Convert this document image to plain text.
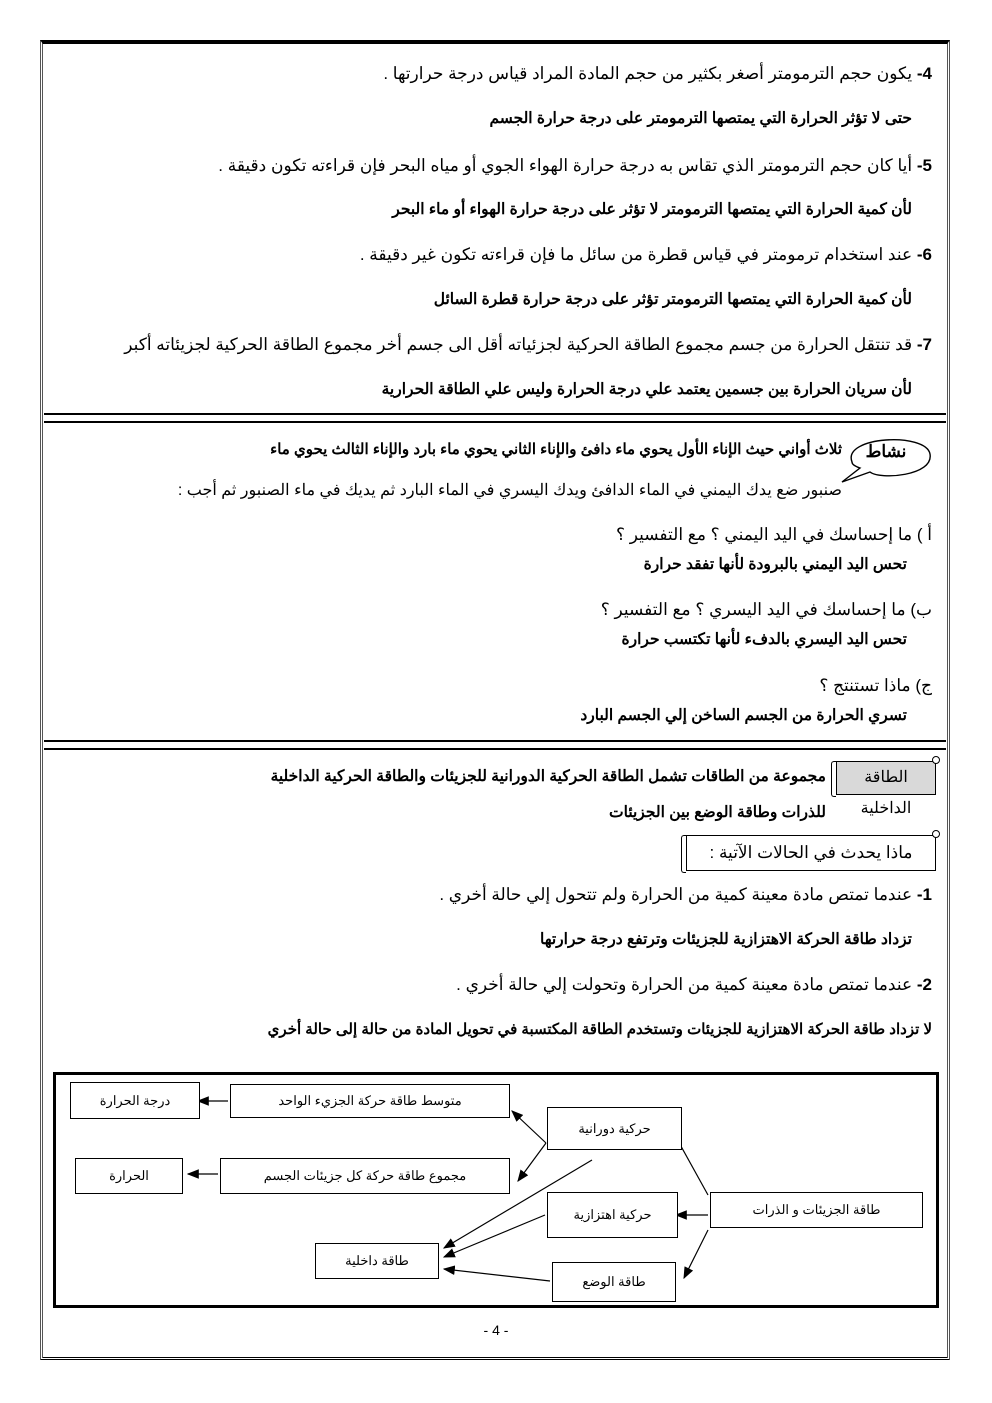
4- يكون حجم الترمومتر أصغر بكثير من حجم المادة المراد قياس درجة حرارتها .
حتى لا تؤثر الحرارة التي يمتصها الترمومتر على درجة حرارة الجسم
5- أيا كان حجم الترمومتر الذي تقاس به درجة حرارة الهواء الجوي أو مياه البحر فإن قراءته تكون دقيقة .
لأن كمية الحرارة التي يمتصها الترمومتر لا تؤثر على درجة حرارة الهواء أو ماء البحر
6- عند استخدام ترمومتر في قياس قطرة من سائل ما فإن قراءته تكون غير دقيقة .
لأن كمية الحرارة التي يمتصها الترمومتر تؤثر على درجة حرارة قطرة السائل
7- قد تنتقل الحرارة من جسم مجموع الطاقة الحركية لجزئياته أقل الى جسم أخر مجموع الطاقة الحركية لجزيئاته أكبر
لأن سريان الحرارة بين جسمين يعتمد علي درجة الحرارة وليس علي الطاقة الحرارية
نشاط
ثلاث أواني حيث الإناء الأول يحوي ماء دافئ والإناء الثاني يحوي ماء بارد والإناء الثالث يحوي ماء
صنبور ضع يدك اليمني في الماء الدافئ ويدك اليسري في الماء البارد ثم يديك في ماء الصنبور ثم أجب :
أ ) ما إحساسك في اليد اليمني ؟ مع التفسير ؟
تحس اليد اليمني بالبرودة لأنها تفقد حرارة
ب) ما إحساسك في اليد اليسري ؟ مع التفسير ؟
تحس اليد اليسري بالدفء لأنها تكتسب حرارة
ج) ماذا تستنتج ؟
تسري الحرارة من الجسم الساخن إلي الجسم البارد
الطاقة الداخلية
مجموعة من الطاقات تشمل الطاقة الحركية الدورانية للجزيئات والطاقة الحركية الداخلية
للذرات وطاقة الوضع بين الجزيئات
ماذا يحدث في الحالات الآتية :
1- عندما تمتص مادة معينة كمية من الحرارة ولم تتحول إلي حالة أخري .
تزداد طاقة الحركة الاهتزازية للجزيئات وترتفع درجة حرارتها
2- عندما تمتص مادة معينة كمية من الحرارة وتحولت إلي حالة أخري .
لا تزداد طاقة الحركة الاهتزازية للجزيئات وتستخدم الطاقة المكتسبة في تحويل المادة من حالة إلى حالة أخري
درجة الحرارة	متوسط طاقة حركة الجزيء الواحد
الحرارة	مجموع طاقة حركة كل جزيئات الجسم
حركية دورانية
حركية اهتزازية	طاقة الجزيئات و الذرات
طاقة داخلية
طاقة الوضع
- 4 -
